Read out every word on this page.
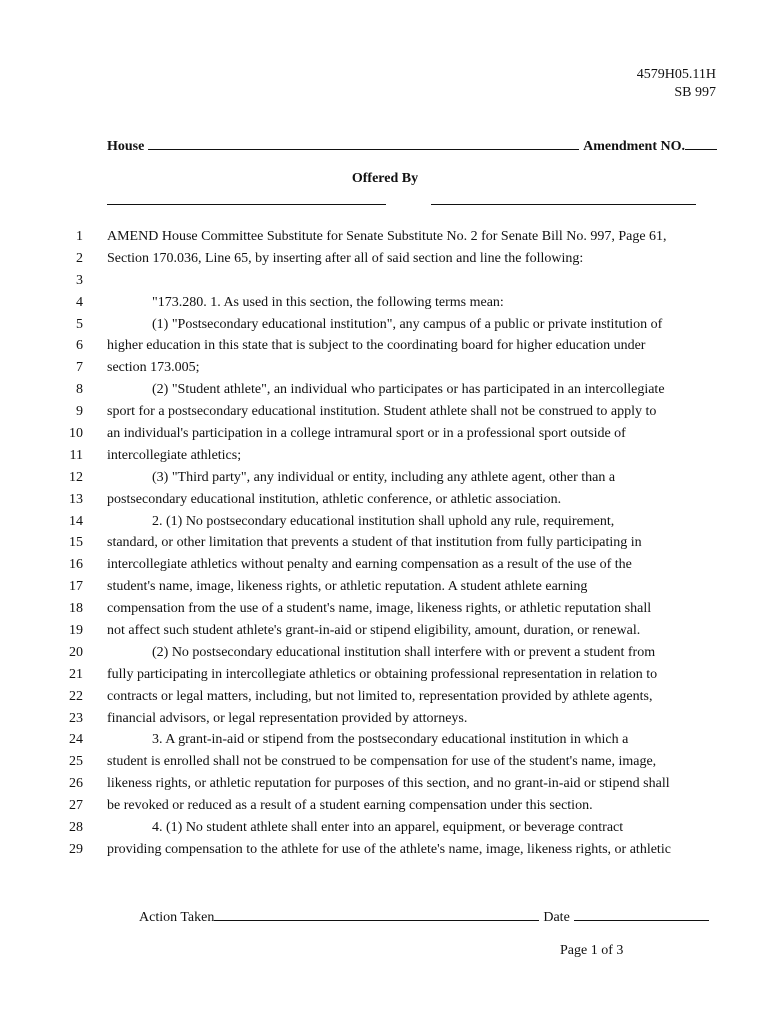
4579H05.11H
SB 997
House	Amendment NO.
Offered By
1 AMEND House Committee Substitute for Senate Substitute No. 2 for Senate Bill No. 997, Page 61,
2 Section 170.036, Line 65, by inserting after all of said section and line the following:
3
4	"173.280. 1. As used in this section, the following terms mean:
5	(1) "Postsecondary educational institution", any campus of a public or private institution of
6 higher education in this state that is subject to the coordinating board for higher education under
7 section 173.005;
8	(2) "Student athlete", an individual who participates or has participated in an intercollegiate
9 sport for a postsecondary educational institution. Student athlete shall not be construed to apply to
10 an individual's participation in a college intramural sport or in a professional sport outside of
11 intercollegiate athletics;
12	(3) "Third party", any individual or entity, including any athlete agent, other than a
13 postsecondary educational institution, athletic conference, or athletic association.
14	2. (1) No postsecondary educational institution shall uphold any rule, requirement,
15 standard, or other limitation that prevents a student of that institution from fully participating in
16 intercollegiate athletics without penalty and earning compensation as a result of the use of the
17 student's name, image, likeness rights, or athletic reputation. A student athlete earning
18 compensation from the use of a student's name, image, likeness rights, or athletic reputation shall
19 not affect such student athlete's grant-in-aid or stipend eligibility, amount, duration, or renewal.
20	(2) No postsecondary educational institution shall interfere with or prevent a student from
21 fully participating in intercollegiate athletics or obtaining professional representation in relation to
22 contracts or legal matters, including, but not limited to, representation provided by athlete agents,
23 financial advisors, or legal representation provided by attorneys.
24	3. A grant-in-aid or stipend from the postsecondary educational institution in which a
25 student is enrolled shall not be construed to be compensation for use of the student's name, image,
26 likeness rights, or athletic reputation for purposes of this section, and no grant-in-aid or stipend shall
27 be revoked or reduced as a result of a student earning compensation under this section.
28	4. (1) No student athlete shall enter into an apparel, equipment, or beverage contract
29 providing compensation to the athlete for use of the athlete's name, image, likeness rights, or athletic
Action Taken	Date
Page 1 of 3
